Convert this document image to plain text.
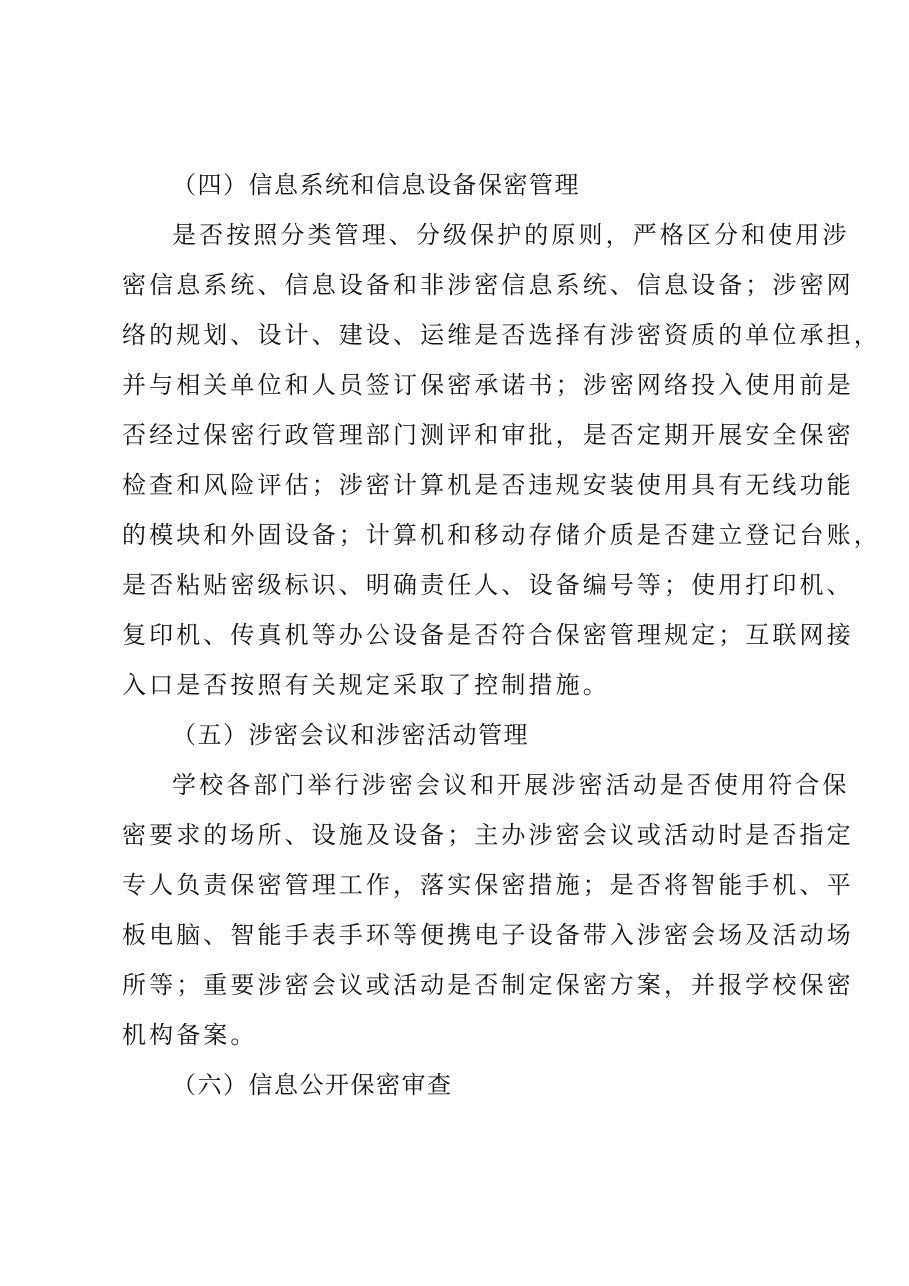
（四）信息系统和信息设备保密管理
是否按照分类管理、分级保护的原则，严格区分和使用涉
密信息系统、信息设备和非涉密信息系统、信息设备；涉密网
络的规划、设计、建设、运维是否选择有涉密资质的单位承担，
并与相关单位和人员签订保密承诺书；涉密网络投入使用前是
否经过保密行政管理部门测评和审批，是否定期开展安全保密
检查和风险评估；涉密计算机是否违规安装使用具有无线功能
的模块和外固设备；计算机和移动存储介质是否建立登记台账，
是否粘贴密级标识、明确责任人、设备编号等；使用打印机、
复印机、传真机等办公设备是否符合保密管理规定；互联网接
入口是否按照有关规定采取了控制措施。
（五）涉密会议和涉密活动管理
学校各部门举行涉密会议和开展涉密活动是否使用符合保
密要求的场所、设施及设备；主办涉密会议或活动时是否指定
专人负责保密管理工作，落实保密措施；是否将智能手机、平
板电脑、智能手表手环等便携电子设备带入涉密会场及活动场
所等；重要涉密会议或活动是否制定保密方案，并报学校保密
机构备案。
（六）信息公开保密审查
